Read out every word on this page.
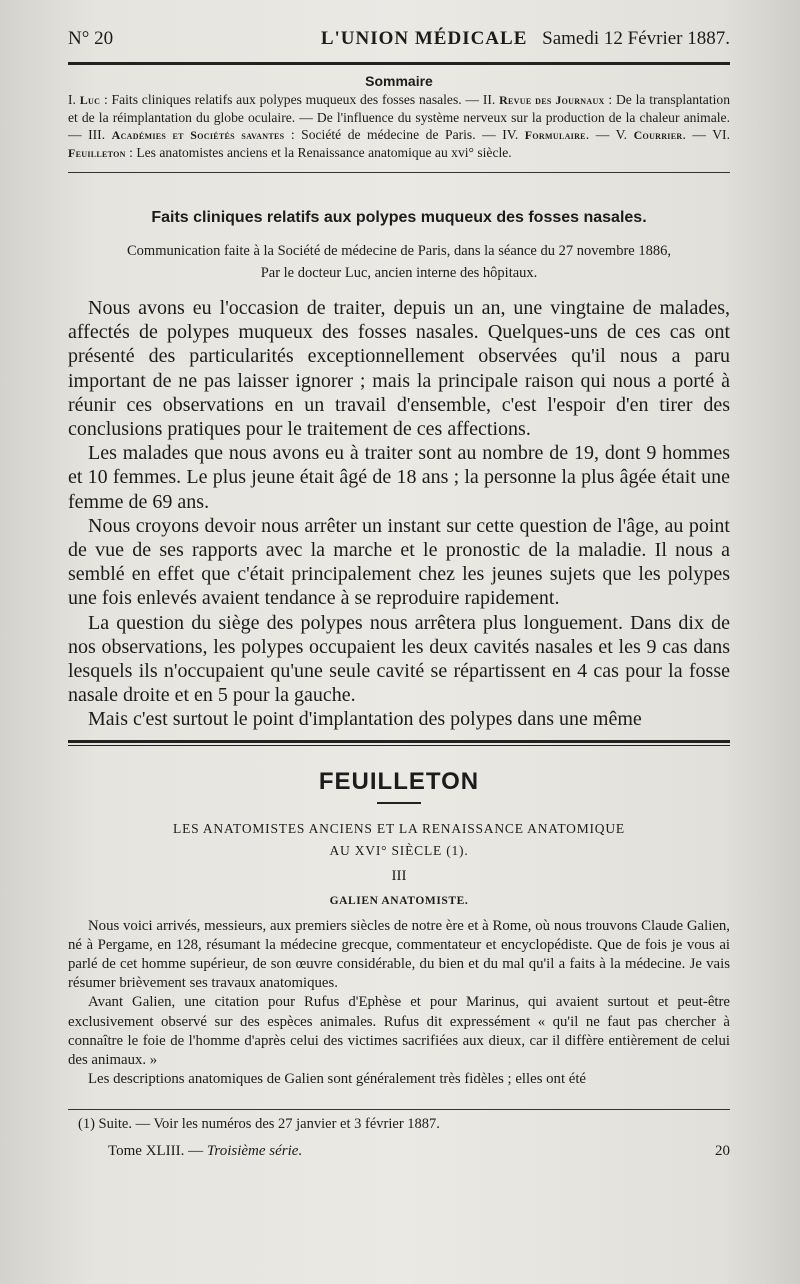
N° 20	L'UNION MÉDICALE Samedi 12 Février 1887.
Sommaire
I. Luc : Faits cliniques relatifs aux polypes muqueux des fosses nasales. — II. Revue des Journaux : De la transplantation et de la réimplantation du globe oculaire. — De l'influence du système nerveux sur la production de la chaleur animale. — III. Académies et Sociétés savantes : Société de médecine de Paris. — IV. Formulaire. — V. Courrier. — VI. Feuilleton : Les anatomistes anciens et la Renaissance anatomique au xvi° siècle.
Faits cliniques relatifs aux polypes muqueux des fosses nasales.
Communication faite à la Société de médecine de Paris, dans la séance du 27 novembre 1886,
Par le docteur Luc, ancien interne des hôpitaux.

Nous avons eu l'occasion de traiter, depuis un an, une vingtaine de malades, affectés de polypes muqueux des fosses nasales. Quelques-uns de ces cas ont présenté des particularités exceptionnellement observées qu'il nous a paru important de ne pas laisser ignorer ; mais la principale raison qui nous a porté à réunir ces observations en un travail d'ensemble, c'est l'espoir d'en tirer des conclusions pratiques pour le traitement de ces affections.

Les malades que nous avons eu à traiter sont au nombre de 19, dont 9 hommes et 10 femmes. Le plus jeune était âgé de 18 ans ; la personne la plus âgée était une femme de 69 ans.

Nous croyons devoir nous arrêter un instant sur cette question de l'âge, au point de vue de ses rapports avec la marche et le pronostic de la maladie. Il nous a semblé en effet que c'était principalement chez les jeunes sujets que les polypes une fois enlevés avaient tendance à se reproduire rapidement.

La question du siège des polypes nous arrêtera plus longuement. Dans dix de nos observations, les polypes occupaient les deux cavités nasales et les 9 cas dans lesquels ils n'occupaient qu'une seule cavité se répartissent en 4 cas pour la fosse nasale droite et en 5 pour la gauche.

Mais c'est surtout le point d'implantation des polypes dans une même

FEUILLETON
LES ANATOMISTES ANCIENS ET LA RENAISSANCE ANATOMIQUE
AU XVI° SIÈCLE (1).
III
GALIEN ANATOMISTE.

Nous voici arrivés, messieurs, aux premiers siècles de notre ère et à Rome, où nous trouvons Claude Galien, né à Pergame, en 128, résumant la médecine grecque, commentateur et encyclopédiste. Que de fois je vous ai parlé de cet homme supérieur, de son œuvre considérable, du bien et du mal qu'il a faits à la médecine. Je vais résumer brièvement ses travaux anatomiques.

Avant Galien, une citation pour Rufus d'Ephèse et pour Marinus, qui avaient surtout et peut-être exclusivement observé sur des espèces animales. Rufus dit expressément « qu'il ne faut pas chercher à connaître le foie de l'homme d'après celui des victimes sacrifiées aux dieux, car il diffère entièrement de celui des animaux. »

Les descriptions anatomiques de Galien sont généralement très fidèles ; elles ont été

(1) Suite. — Voir les numéros des 27 janvier et 3 février 1887.
Tome XLIII. — Troisième série.	20
